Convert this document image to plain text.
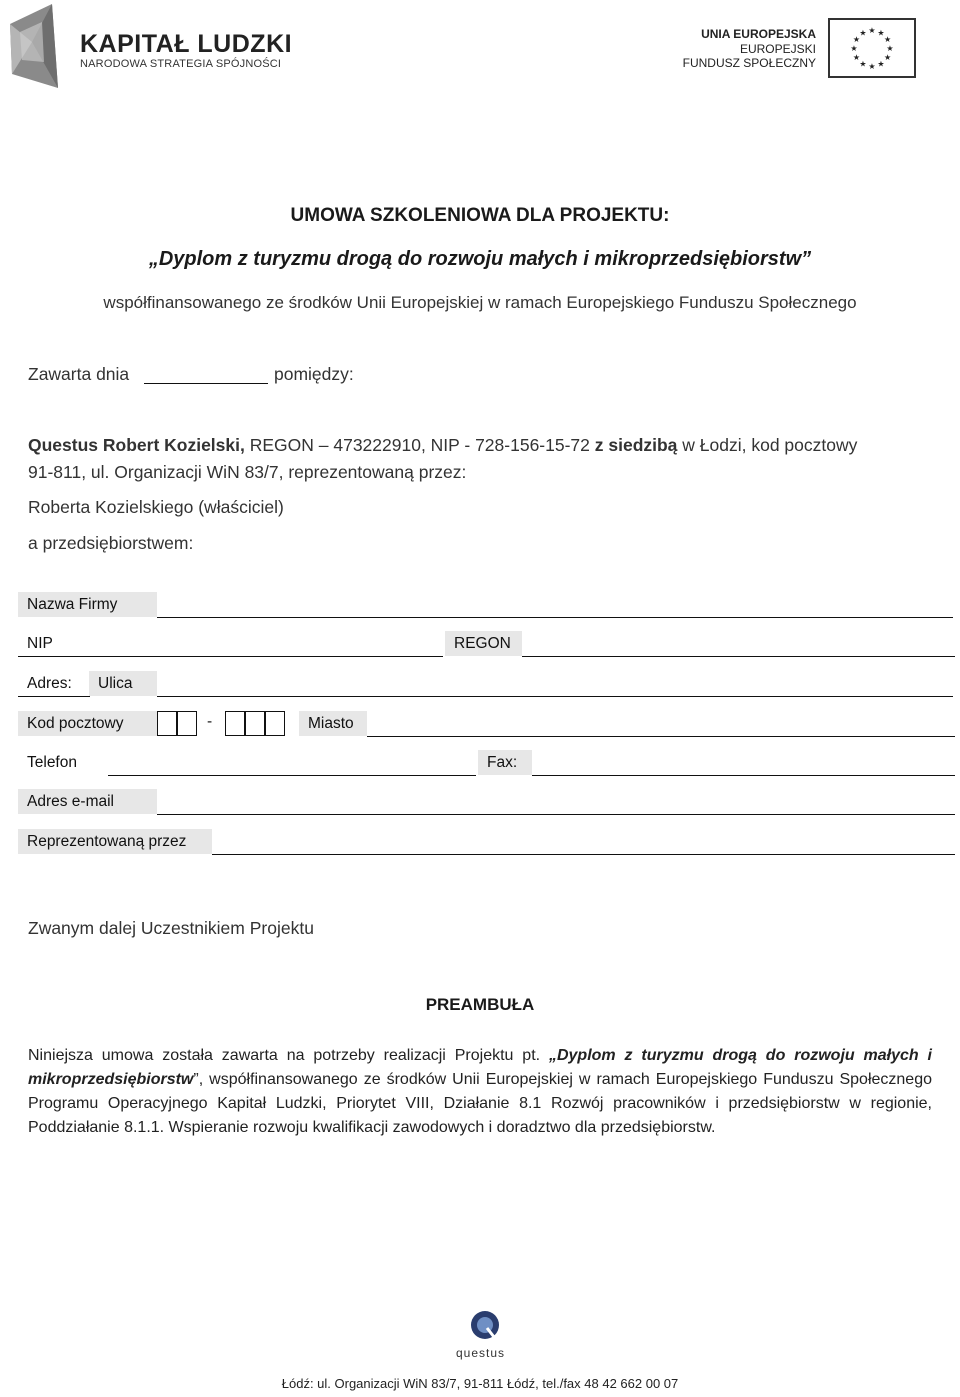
KAPITAŁ LUDZKI
NARODOWA STRATEGIA SPÓJNOŚCI
UNIA EUROPEJSKA
EUROPEJSKI
FUNDUSZ SPOŁECZNY
★ ★
★
★
★
★
★
★
★
★
★
★
UMOWA SZKOLENIOWA DLA PROJEKTU:
„Dyplom z turyzmu drogą do rozwoju małych i mikroprzedsiębiorstw”
współfinansowanego ze środków Unii Europejskiej w ramach Europejskiego Funduszu Społecznego
Zawarta dnia	pomiędzy:
Questus Robert Kozielski, REGON – 473222910, NIP - 728-156-15-72 z siedzibą w Łodzi, kod pocztowy
91-811, ul. Organizacji WiN 83/7, reprezentowaną przez:
Roberta Kozielskiego (właściciel)
a przedsiębiorstwem:
Nazwa Firmy
NIP	REGON
Adres:	Ulica
Kod pocztowy	-	Miasto
Telefon	Fax:
Adres e-mail
Reprezentowaną przez
Zwanym dalej Uczestnikiem Projektu
PREAMBUŁA
Niniejsza umowa została zawarta na potrzeby realizacji Projektu pt. „Dyplom z turyzmu drogą do rozwoju małych i mikroprzedsiębiorstw”, współfinansowanego ze środków Unii Europejskiej w ramach Europejskiego Funduszu Społecznego Programu Operacyjnego Kapitał Ludzki, Priorytet VIII, Działanie 8.1 Rozwój pracowników i przedsiębiorstw w regionie, Poddziałanie 8.1.1. Wspieranie rozwoju kwalifikacji zawodowych i doradztwo dla przedsiębiorstw.
questus
Łódź: ul. Organizacji WiN 83/7, 91-811 Łódź, tel./fax 48 42 662 00 07
